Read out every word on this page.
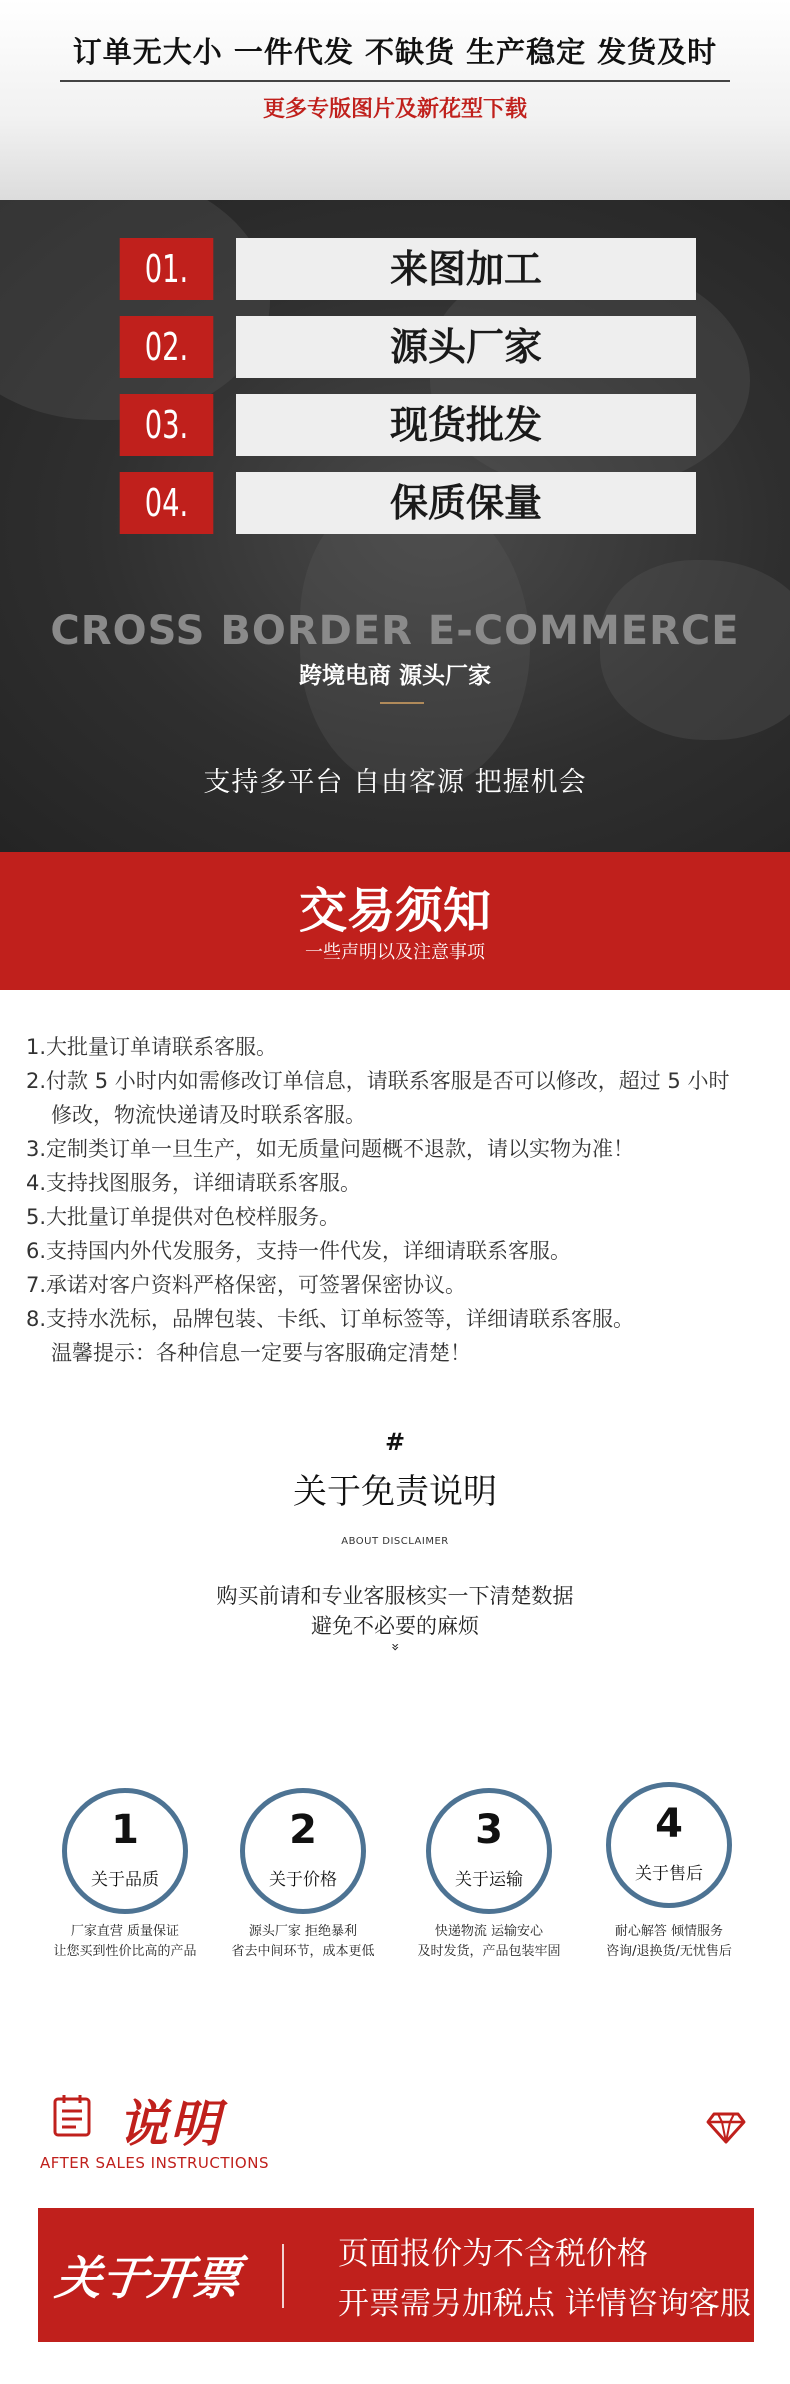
订单无大小 一件代发 不缺货 生产稳定 发货及时
更多专版图片及新花型下载
01.	来图加工
02.	源头厂家
03.	现货批发
04.	保质保量
CROSS BORDER E-COMMERCE
跨境电商 源头厂家
支持多平台 自由客源 把握机会
交易须知
一些声明以及注意事项
1.大批量订单请联系客服。
2.付款 5 小时内如需修改订单信息，请联系客服是否可以修改，超过 5 小时
修改，物流快递请及时联系客服。
3.定制类订单一旦生产，如无质量问题概不退款，请以实物为准！
4.支持找图服务，详细请联系客服。
5.大批量订单提供对色校样服务。
6.支持国内外代发服务，支持一件代发，详细请联系客服。
7.承诺对客户资料严格保密，可签署保密协议。
8.支持水洗标，品牌包装、卡纸、订单标签等，详细请联系客服。
温馨提示：各种信息一定要与客服确定清楚！
#
关于免责说明
ABOUT DISCLAIMER
购买前请和专业客服核实一下清楚数据
避免不必要的麻烦
»
1
关于品质
厂家直营 质量保证
让您买到性价比高的产品
2
关于价格
源头厂家 拒绝暴利
省去中间环节，成本更低
3
关于运输
快递物流 运输安心
及时发货，产品包装牢固
4
关于售后
耐心解答 倾情服务
咨询/退换货/无忧售后
说明
AFTER SALES INSTRUCTIONS
关于开票	页面报价为不含税价格
开票需另加税点 详情咨询客服
